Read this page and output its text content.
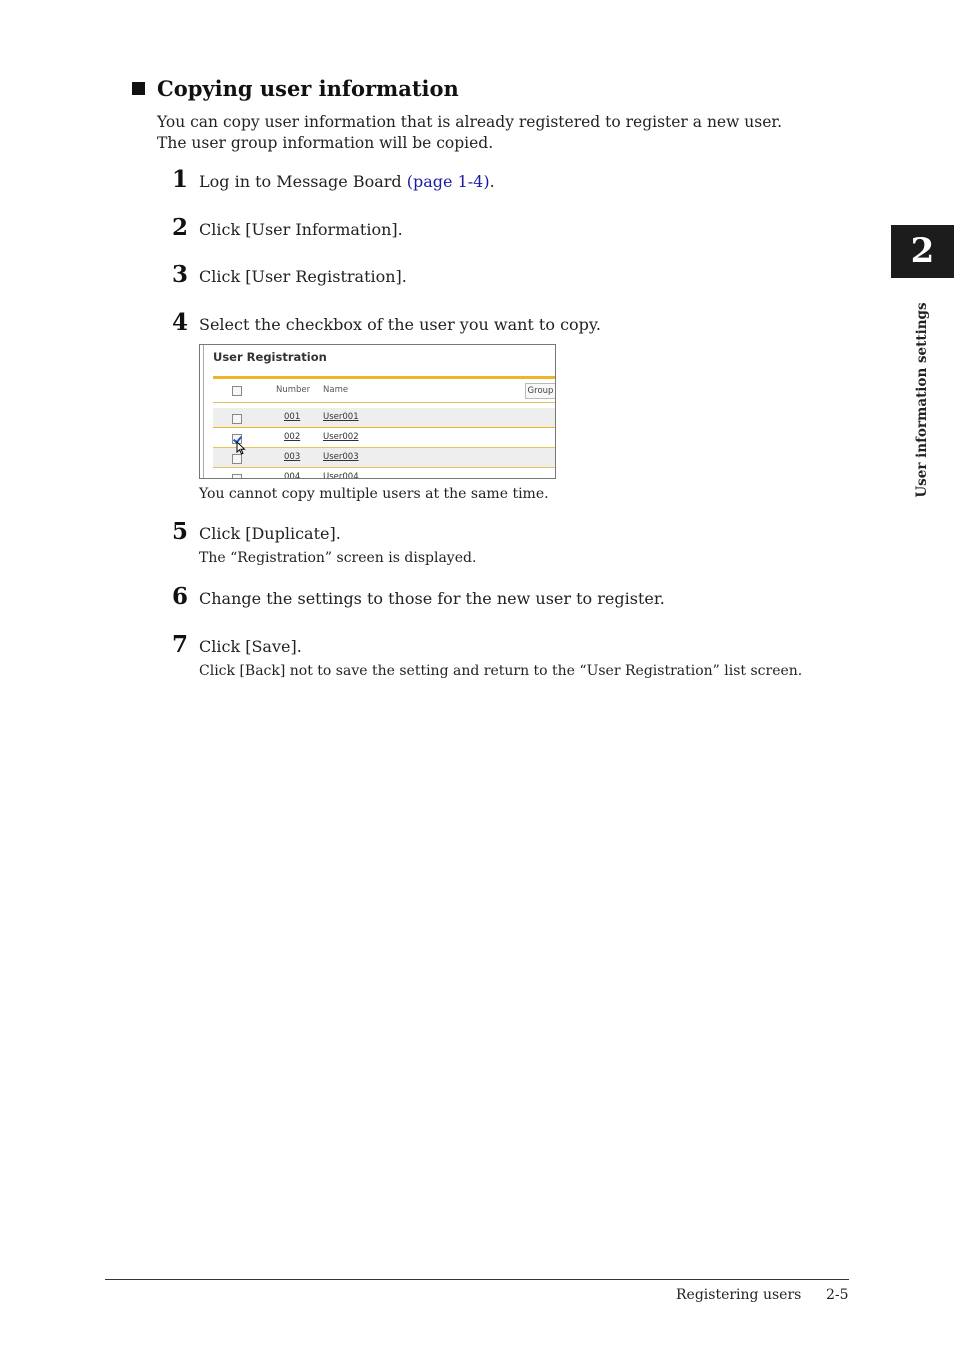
Copying user information
You can copy user information that is already registered to register a new user.
The user group information will be copied.
1 Log in to Message Board (page 1-4).
2 Click [User Information].
3 Click [User Registration].
4 Select the checkbox of the user you want to copy.
You cannot copy multiple users at the same time.
User Registration
Number Name	Group
001	User001
002	User002
003	User003
004	User004
5 Click [Duplicate].
The “Registration” screen is displayed.
6 Change the settings to those for the new user to register.
7 Click [Save].
Click [Back] not to save the setting and return to the “User Registration” list screen.
2
User information settings
Registering users 2-5
